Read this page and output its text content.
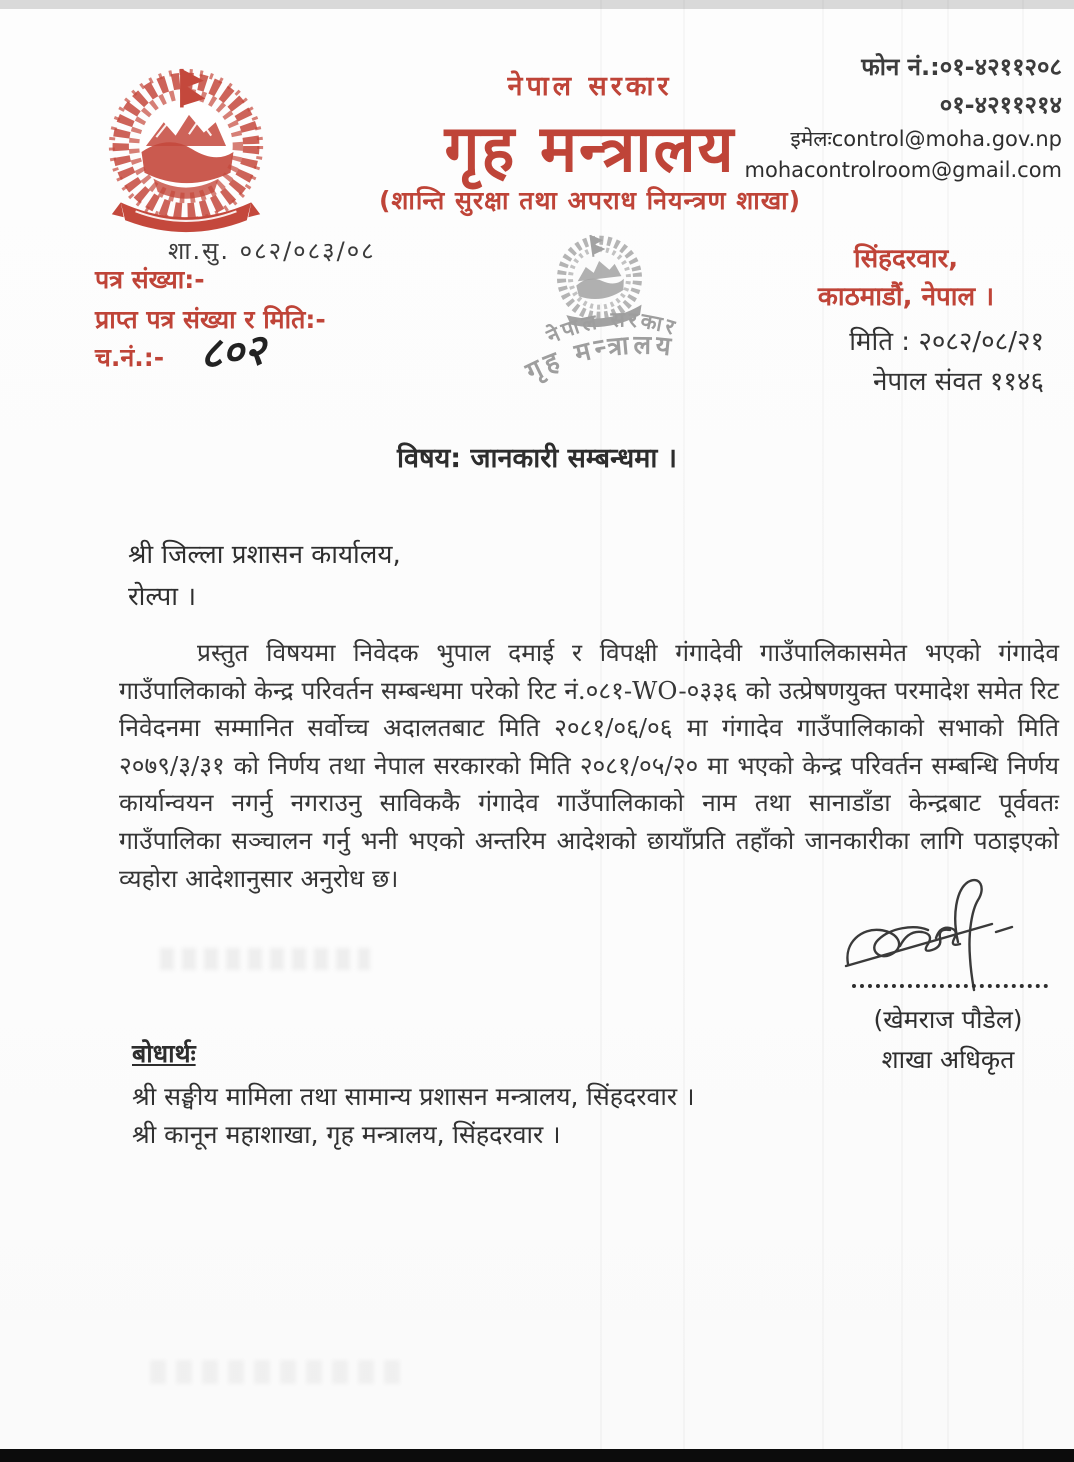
नेपाल सरकार
गृह मन्त्रालय
(शान्ति सुरक्षा तथा अपराध नियन्त्रण शाखा)
फोन नं.:०१-४२११२०८
०१-४२११२१४
इमेलःcontrol@moha.gov.np
mohacontrolroom@gmail.com
शा.सु. ०८२/०८३/०८
पत्र संख्या:-
प्राप्त पत्र संख्या र मिति:-
च.नं.:- ८०२	नेपाल सरकार
गृह मन्त्रालय
सिंहदरवार,
काठमाडौं, नेपाल ।
मिति : २०८२/०८/२१
नेपाल संवत ११४६
विषय: जानकारी सम्बन्धमा ।
श्री जिल्ला प्रशासन कार्यालय,
रोल्पा ।
प्रस्तुत विषयमा निवेदक भुपाल दमाई र विपक्षी गंगादेवी गाउँपालिकासमेत भएको गंगादेव गाउँपालिकाको केन्द्र परिवर्तन सम्बन्धमा परेको रिट नं.०८१-WO-०३३६ को उत्प्रेषणयुक्त परमादेश समेत रिट निवेदनमा सम्मानित सर्वोच्च अदालतबाट मिति २०८१/०६/०६ मा गंगादेव गाउँपालिकाको सभाको मिति २०७९/३/३१ को निर्णय तथा नेपाल सरकारको मिति २०८१/०५/२० मा भएको केन्द्र परिवर्तन सम्बन्धि निर्णय कार्यान्वयन नगर्नु नगराउनु साविककै गंगादेव गाउँपालिकाको नाम तथा सानाडाँडा केन्द्रबाट पूर्ववतः गाउँपालिका सञ्चालन गर्नु भनी भएको अन्तरिम आदेशको छायाँप्रति तहाँको जानकारीका लागि पठाइएको व्यहोरा आदेशानुसार अनुरोध छ।
(खेमराज पौडेल)
शाखा अधिकृत
बोधार्थः
श्री सङ्घीय मामिला तथा सामान्य प्रशासन मन्त्रालय, सिंहदरवार ।
श्री कानून महाशाखा, गृह मन्त्रालय, सिंहदरवार ।
